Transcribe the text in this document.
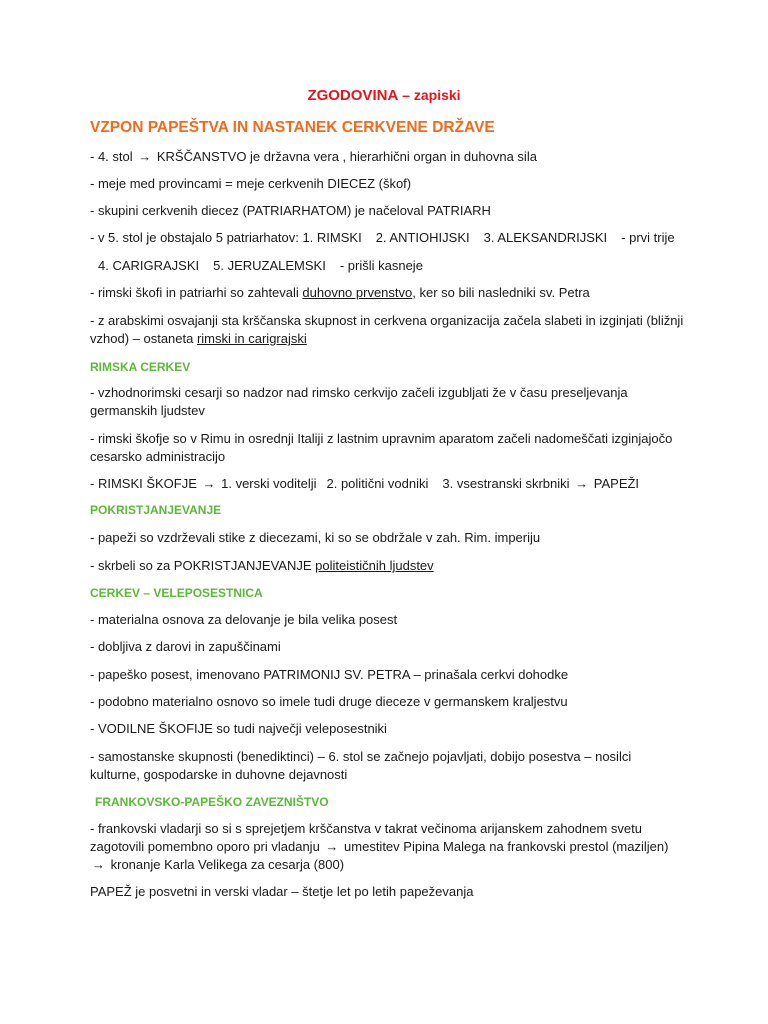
ZGODOVINA – zapiski
VZPON PAPEŠTVA IN NASTANEK CERKVENE DRŽAVE
- 4. stol → KRŠČANSTVO je državna vera , hierarhični organ in duhovna sila
- meje med provincami = meje cerkvenih DIECEZ (škof)
- skupini cerkvenih diecez (PATRIARHATOM) je načeloval PATRIARH
- v 5. stol je obstajalo 5 patriarhatov: 1. RIMSKI 2. ANTIOHIJSKI 3. ALEKSANDRIJSKI - prvi trije
4. CARIGRAJSKI 5. JERUZALEMSKI - prišli kasneje
- rimski škofi in patriarhi so zahtevali duhovno prvenstvo, ker so bili nasledniki sv. Petra
- z arabskimi osvajanji sta krščanska skupnost in cerkvena organizacija začela slabeti in izginjati (bližnji
vzhod) – ostaneta rimski in carigrajski
RIMSKA CERKEV
- vzhodnorimski cesarji so nadzor nad rimsko cerkvijo začeli izgubljati že v času preseljevanja
germanskih ljudstev
- rimski škofje so v Rimu in osrednji Italiji z lastnim upravnim aparatom začeli nadomeščati izginjajočo
cesarsko administracijo
- RIMSKI ŠKOFJE → 1. verski voditelji 2. politični vodniki 3. vsestranski skrbniki → PAPEŽI
POKRISTJANJEVANJE
- papeži so vzdrževali stike z diecezami, ki so se obdržale v zah. Rim. imperiju
- skrbeli so za POKRISTJANJEVANJE politeističnih ljudstev
CERKEV – VELEPOSESTNICA
- materialna osnova za delovanje je bila velika posest
- dobljiva z darovi in zapuščinami
- papeško posest, imenovano PATRIMONIJ SV. PETRA – prinašala cerkvi dohodke
- podobno materialno osnovo so imele tudi druge dieceze v germanskem kraljestvu
- VODILNE ŠKOFIJE so tudi največji veleposestniki
- samostanske skupnosti (benediktinci) – 6. stol se začnejo pojavljati, dobijo posestva – nosilci
kulturne, gospodarske in duhovne dejavnosti
FRANKOVSKO-PAPEŠKO ZAVEZNIŠTVO
- frankovski vladarji so si s sprejetjem krščanstva v takrat večinoma arijanskem zahodnem svetu
zagotovili pomembno oporo pri vladanju → umestitev Pipina Malega na frankovski prestol (maziljen)
→ kronanje Karla Velikega za cesarja (800)
PAPEŽ je posvetni in verski vladar – štetje let po letih papeževanja
